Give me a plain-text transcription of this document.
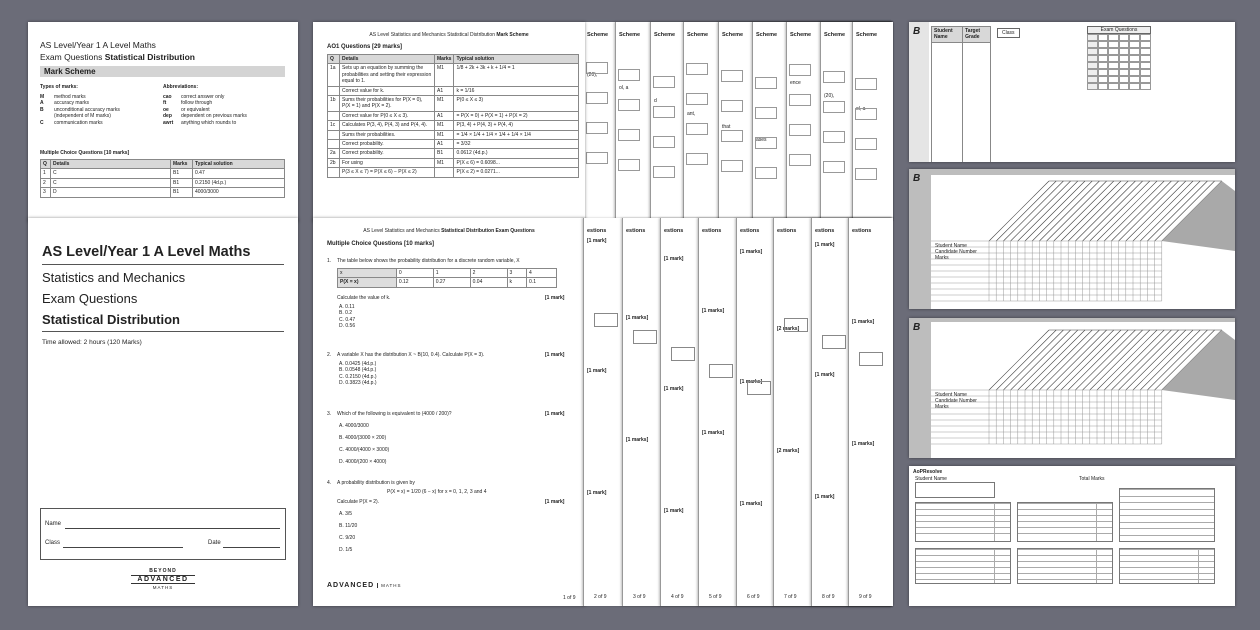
AS Level/Year 1 A Level Maths
Exam Questions Statistical Distribution
Mark Scheme
Types of marks:	Abbreviations:
M	method marks
A	accuracy marks
B	unconditional accuracy marks
(independent of M marks)
C	communication marks
cao	correct answer only
ft	follow through
oe	or equivalent
dep	dependent on previous marks
awrt	anything which rounds to
Multiple Choice Questions [10 marks]
Q	Details	Marks	Typical solution
1	C	B1	0.47
2	C	B1	0.2150 (4d.p.)
3	D	B1	4000/3000
AS Level/Year 1 A Level Maths
Statistics and Mechanics
Exam Questions
Statistical Distribution
Time allowed: 2 hours (120 Marks)
Name
Class	Date
BEYOND
ADVANCED
MATHS
Scheme
(20),
Scheme
ol, a
Scheme
d
Scheme
ant,
Scheme
that
Scheme
ases
Scheme
ence
Scheme
(20),
Scheme
ol, a
AS Level Statistics and Mechanics Statistical Distribution Mark Scheme
AO1 Questions [29 marks]
Q	Details	Marks	Typical solution
1a	Sets up an equation by summing the probabilities and setting their expression equal to 1.	M1	1/8 + 2k + 3k + k + 1/4 = 1
	Correct value for k.	A1	k = 1/16
1b	Sums their probabilities for P(X = 0), P(X = 1) and P(X = 2).	M1	P(0 ≤ X ≤ 3)
	Correct value for P(0 ≤ X ≤ 3).	A1	= P(X = 0) + P(X = 1) + P(X = 2)
1c	Calculates P(3, 4), P(4, 3) and P(4, 4).	M1	P(3, 4) + P(4, 3) + P(4, 4)
	Sums their probabilities.	M1	= 1/4 × 1/4 + 1/4 × 1/4 + 1/4 × 1/4
	Correct probability.	A1	= 3/32
2a	Correct probability.	B1	0.0612 (4d.p.)
2b	For using	M1	P(X ≤ 6) = 0.6098...
	P(3 ≤ X ≤ 7) = P(X ≤ 6) − P(X ≤ 2)		P(X ≤ 2) = 0.0271...
estions
[1 mark]
[1 mark]
[1 mark]
2 of 9
estions
[1 marks]
[1 marks]
3 of 9
estions
[1 mark]
[1 mark]
[1 mark]
4 of 9
estions
[1 marks]
[1 marks]
5 of 9
estions
[1 marks]
[1 marks]
[1 marks]
6 of 9
estions
[2 marks]
[2 marks]
7 of 9
estions
[1 mark]
[1 mark]
[1 mark]
8 of 9
estions
[1 marks]
[1 marks]
9 of 9
AS Level Statistics and Mechanics Statistical Distribution Exam Questions
Multiple Choice Questions [10 marks]
1. The table below shows the probability distribution for a discrete random variable, X
x	0	1	2	3	4
P(X = x)	0.12	0.27	0.04	k	0.1
Calculate the value of k.	[1 mark]
A. 0.11
B. 0.2
C. 0.47
D. 0.56
2. A variable X has the distribution X ~ B(10, 0.4). Calculate P(X = 3).	[1 mark]
A. 0.0425 (4d.p.)
B. 0.0548 (4d.p.)
C. 0.2150 (4d.p.)
D. 0.3823 (4d.p.)
3. Which of the following is equivalent to (4000 / 200)?	[1 mark]
A. 4000/3000
B. 4000/(3000 × 200)
C. 4000/(4000 × 3000)
D. 4000/(200 × 4000)
4. A probability distribution is given by
P(X = x) = 1/20 (6 − x) for x = 0, 1, 2, 3 and 4
Calculate P(X = 2).	[1 mark]
A. 3/5
B. 11/20
C. 9/20
D. 1/5
ADVANCED MATHS
1 of 9
B	Student Name	Target Grade

Class	Exam Questions
B
Student Name
Candidate Number
Marks
B
Student Name
Candidate Number
Marks
AoPResolve
Student Name	Total Marks
